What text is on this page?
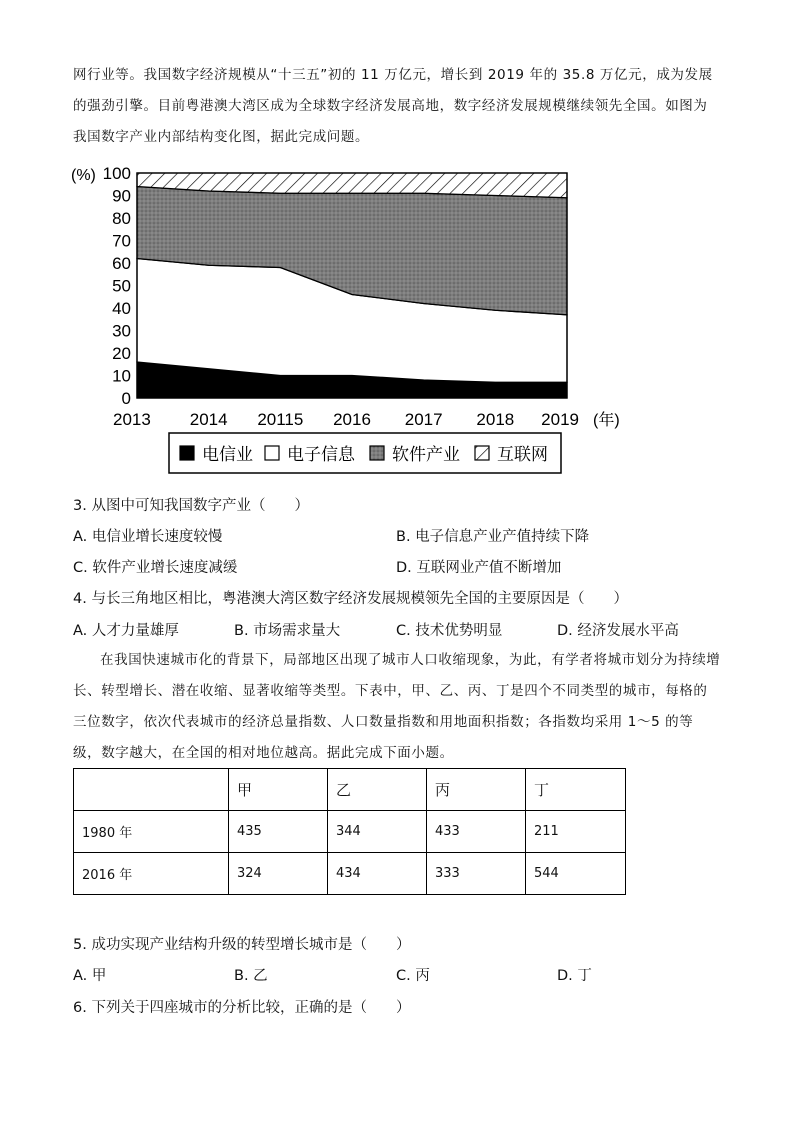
网行业等。我国数字经济规模从“十三五”初的 11 万亿元，增长到 2019 年的 35.8 万亿元，成为发展的强劲引擎。目前粤港澳大湾区成为全球数字经济发展高地，数字经济发展规模继续领先全国。如图为我国数字产业内部结构变化图，据此完成问题。
100
90
80
70
60
50
40
30
20
10
0
2013 2014 20115 2016 2017 2018 2019
(%)
(年)
电信业 电子信息 软件产业 互联网
3. 从图中可知我国数字产业（　　）
A. 电信业增长速度较慢	B. 电子信息产业产值持续下降
C. 软件产业增长速度减缓	D. 互联网业产值不断增加
4. 与长三角地区相比，粤港澳大湾区数字经济发展规模领先全国的主要原因是（　　）
A. 人才力量雄厚	B. 市场需求量大	C. 技术优势明显	D. 经济发展水平高
在我国快速城市化的背景下，局部地区出现了城市人口收缩现象，为此，有学者将城市划分为持续增长、转型增长、潜在收缩、显著收缩等类型。下表中，甲、乙、丙、丁是四个不同类型的城市，每格的三位数字，依次代表城市的经济总量指数、人口数量指数和用地面积指数；各指数均采用 1～5 的等级，数字越大，在全国的相对地位越高。据此完成下面小题。
	甲	乙	丙	丁
1980 年	435	344	433	211
2016 年	324	434	333	544
5. 成功实现产业结构升级的转型增长城市是（　　）
A. 甲	B. 乙	C. 丙	D. 丁
6. 下列关于四座城市的分析比较，正确的是（　　）
